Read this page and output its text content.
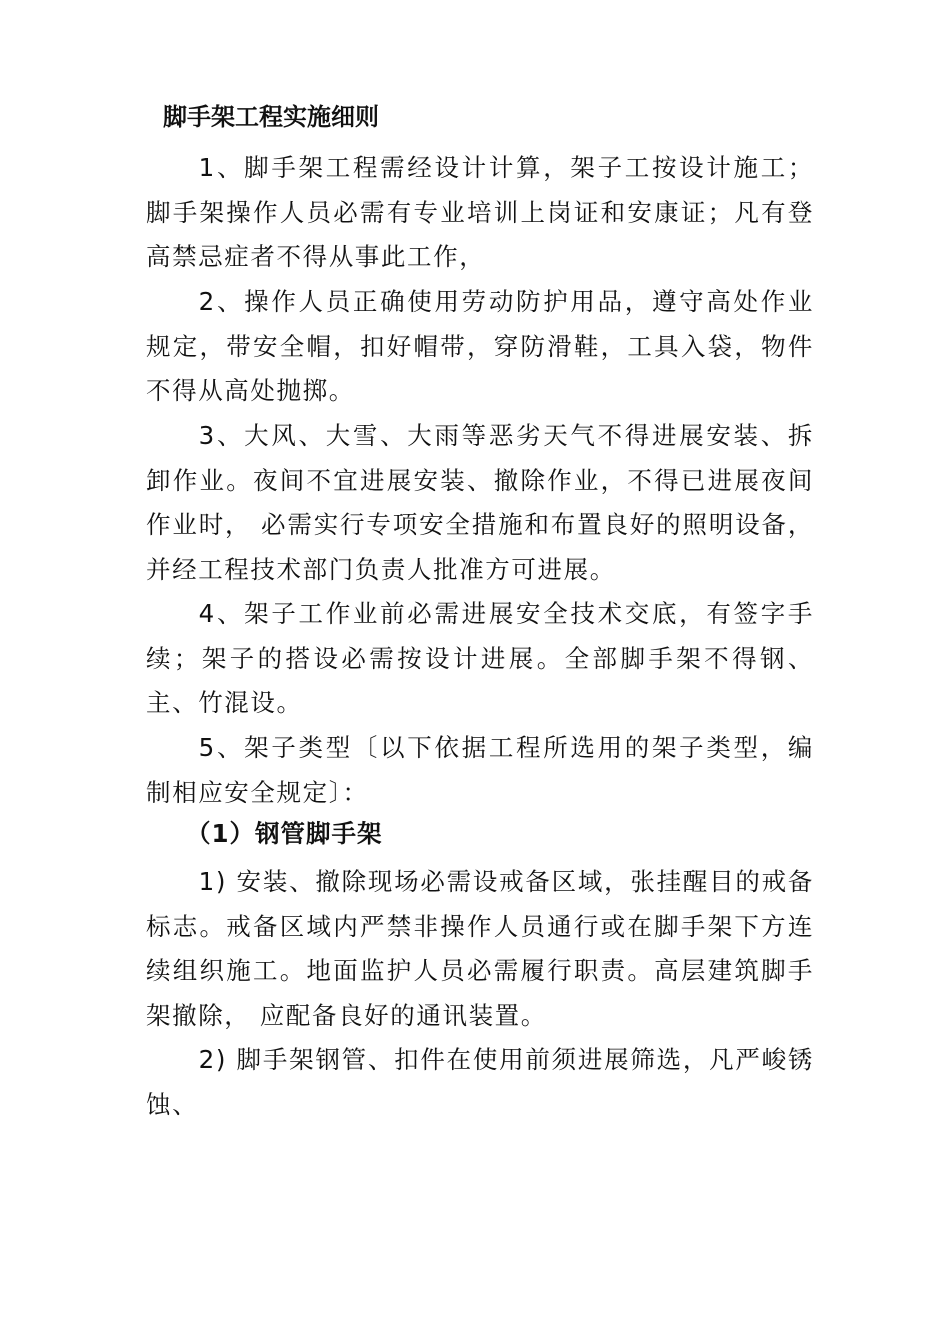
脚手架工程实施细则

1、脚手架工程需经设计计算，架子工按设计施工；脚手架操作人员必需有专业培训上岗证和安康证；凡有登高禁忌症者不得从事此工作，

2、操作人员正确使用劳动防护用品，遵守高处作业规定，带安全帽，扣好帽带，穿防滑鞋，工具入袋，物件不得从高处抛掷。

3、大风、大雪、大雨等恶劣天气不得进展安装、拆卸作业。夜间不宜进展安装、撤除作业，不得已进展夜间作业时， 必需实行专项安全措施和布置良好的照明设备，并经工程技术部门负责人批准方可进展。

4、架子工作业前必需进展安全技术交底，有签字手续；架子的搭设必需按设计进展。全部脚手架不得钢、主、竹混设。

5、架子类型〔以下依据工程所选用的架子类型，编制相应安全规定〕：

（1）钢管脚手架

1) 安装、撤除现场必需设戒备区域，张挂醒目的戒备标志。戒备区域内严禁非操作人员通行或在脚手架下方连续组织施工。地面监护人员必需履行职责。高层建筑脚手架撤除， 应配备良好的通讯装置。

2) 脚手架钢管、扣件在使用前须进展筛选，凡严峻锈蚀、
